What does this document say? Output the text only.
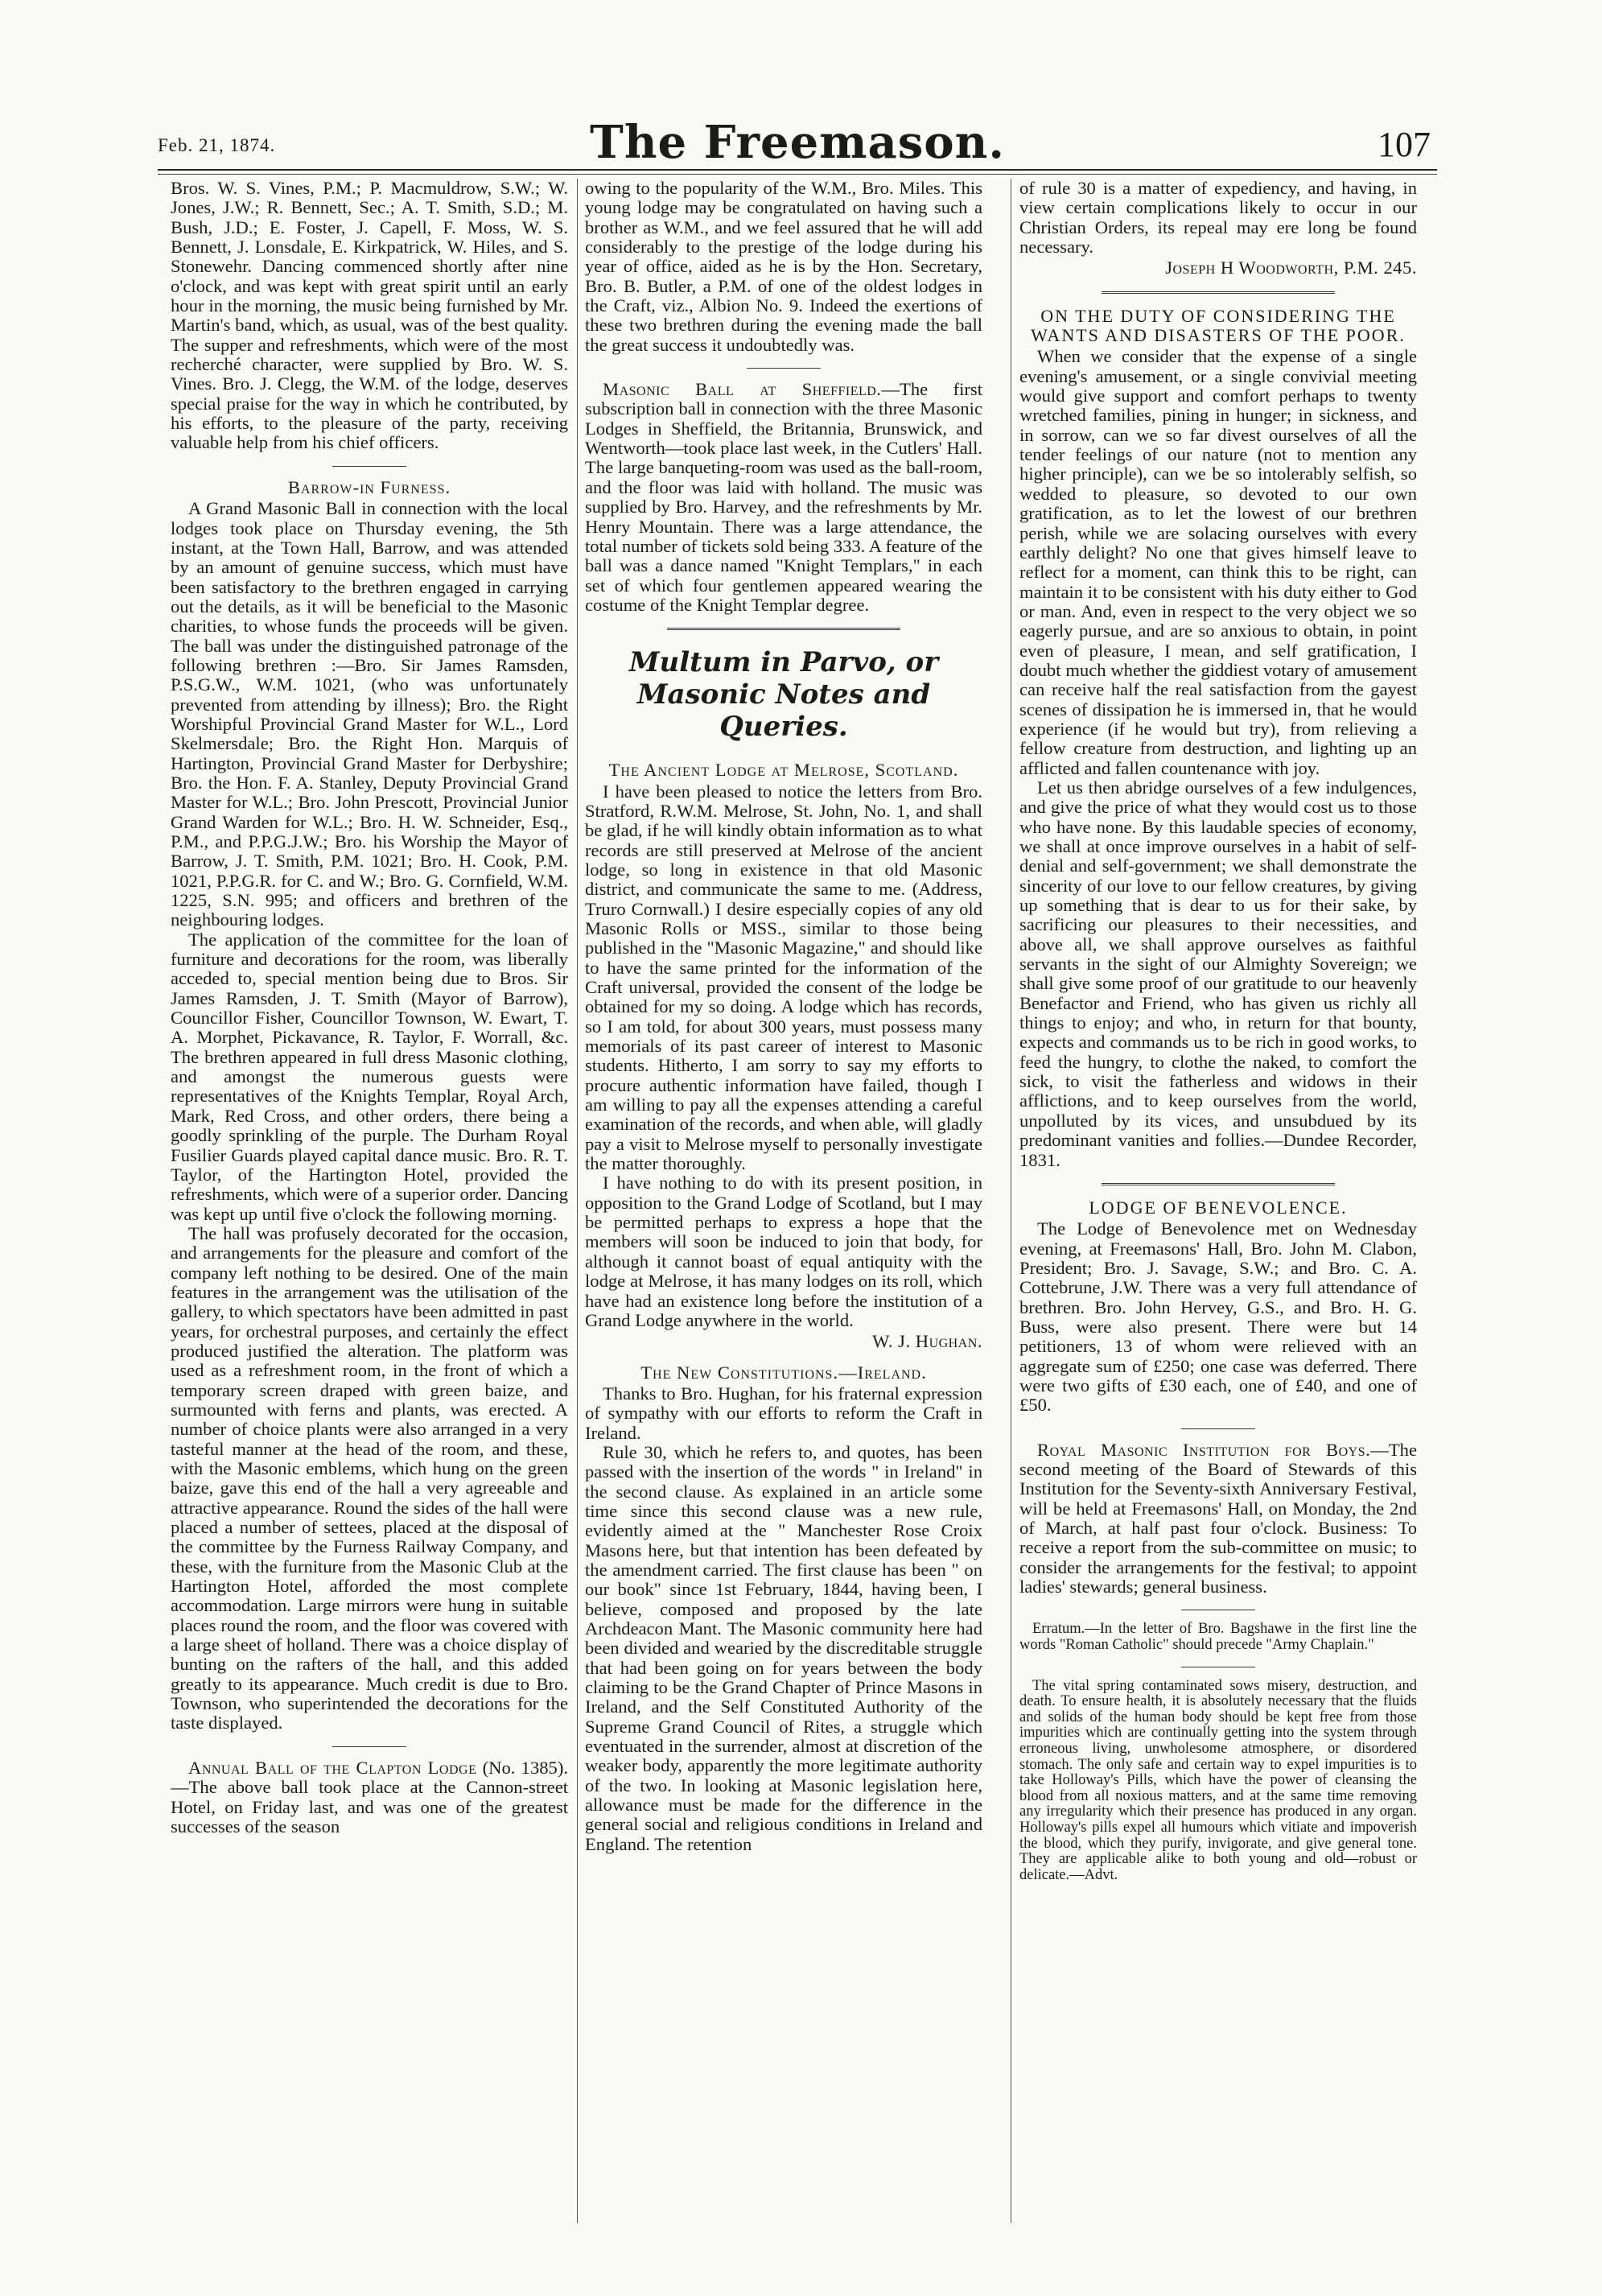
Feb. 21, 1874.	The Freemason.	107

Bros. W. S. Vines, P.M.; P. Macmuldrow, S.W.; W. Jones, J.W.; R. Bennett, Sec.; A. T. Smith, S.D.; M. Bush, J.D.; E. Foster, J. Capell, F. Moss, W. S. Bennett, J. Lonsdale, E. Kirkpatrick, W. Hiles, and S. Stonewehr. Dancing commenced shortly after nine o'clock, and was kept with great spirit until an early hour in the morning, the music being furnished by Mr. Martin's band, which, as usual, was of the best quality. The supper and refreshments, which were of the most recherché character, were supplied by Bro. W. S. Vines. Bro. J. Clegg, the W.M. of the lodge, deserves special praise for the way in which he contributed, by his efforts, to the pleasure of the party, receiving valuable help from his chief officers.

Barrow-in Furness.

A Grand Masonic Ball in connection with the local lodges took place on Thursday evening, the 5th instant, at the Town Hall, Barrow, and was attended by an amount of genuine success, which must have been satisfactory to the brethren engaged in carrying out the details, as it will be beneficial to the Masonic charities, to whose funds the proceeds will be given. The ball was under the distinguished patronage of the following brethren :—Bro. Sir James Ramsden, P.S.G.W., W.M. 1021, (who was unfortunately prevented from attending by illness); Bro. the Right Worshipful Provincial Grand Master for W.L., Lord Skelmersdale; Bro. the Right Hon. Marquis of Hartington, Provincial Grand Master for Derbyshire; Bro. the Hon. F. A. Stanley, Deputy Provincial Grand Master for W.L.; Bro. John Prescott, Provincial Junior Grand Warden for W.L.; Bro. H. W. Schneider, Esq., P.M., and P.P.G.J.W.; Bro. his Worship the Mayor of Barrow, J. T. Smith, P.M. 1021; Bro. H. Cook, P.M. 1021, P.P.G.R. for C. and W.; Bro. G. Cornfield, W.M. 1225, S.N. 995; and officers and brethren of the neighbouring lodges.

The application of the committee for the loan of furniture and decorations for the room, was liberally acceded to, special mention being due to Bros. Sir James Ramsden, J. T. Smith (Mayor of Barrow), Councillor Fisher, Councillor Townson, W. Ewart, T. A. Morphet, Pickavance, R. Taylor, F. Worrall, &c. The brethren appeared in full dress Masonic clothing, and amongst the numerous guests were representatives of the Knights Templar, Royal Arch, Mark, Red Cross, and other orders, there being a goodly sprinkling of the purple. The Durham Royal Fusilier Guards played capital dance music. Bro. R. T. Taylor, of the Hartington Hotel, provided the refreshments, which were of a superior order. Dancing was kept up until five o'clock the following morning.

The hall was profusely decorated for the occasion, and arrangements for the pleasure and comfort of the company left nothing to be desired. One of the main features in the arrangement was the utilisation of the gallery, to which spectators have been admitted in past years, for orchestral purposes, and certainly the effect produced justified the alteration. The platform was used as a refreshment room, in the front of which a temporary screen draped with green baize, and surmounted with ferns and plants, was erected. A number of choice plants were also arranged in a very tasteful manner at the head of the room, and these, with the Masonic emblems, which hung on the green baize, gave this end of the hall a very agreeable and attractive appearance. Round the sides of the hall were placed a number of settees, placed at the disposal of the committee by the Furness Railway Company, and these, with the furniture from the Masonic Club at the Hartington Hotel, afforded the most complete accommodation. Large mirrors were hung in suitable places round the room, and the floor was covered with a large sheet of holland. There was a choice display of bunting on the rafters of the hall, and this added greatly to its appearance. Much credit is due to Bro. Townson, who superintended the decorations for the taste displayed.

Annual Ball of the Clapton Lodge (No. 1385).—The above ball took place at the Cannon-street Hotel, on Friday last, and was one of the greatest successes of the season

owing to the popularity of the W.M., Bro. Miles. This young lodge may be congratulated on having such a brother as W.M., and we feel assured that he will add considerably to the prestige of the lodge during his year of office, aided as he is by the Hon. Secretary, Bro. B. Butler, a P.M. of one of the oldest lodges in the Craft, viz., Albion No. 9. Indeed the exertions of these two brethren during the evening made the ball the great success it undoubtedly was.

Masonic Ball at Sheffield.—The first subscription ball in connection with the three Masonic Lodges in Sheffield, the Britannia, Brunswick, and Wentworth—took place last week, in the Cutlers' Hall. The large banqueting-room was used as the ball-room, and the floor was laid with holland. The music was supplied by Bro. Harvey, and the refreshments by Mr. Henry Mountain. There was a large attendance, the total number of tickets sold being 333. A feature of the ball was a dance named "Knight Templars," in each set of which four gentlemen appeared wearing the costume of the Knight Templar degree.

Multum in Parvo, or Masonic Notes and Queries.
The Ancient Lodge at Melrose, Scotland.

I have been pleased to notice the letters from Bro. Stratford, R.W.M. Melrose, St. John, No. 1, and shall be glad, if he will kindly obtain information as to what records are still preserved at Melrose of the ancient lodge, so long in existence in that old Masonic district, and communicate the same to me. (Address, Truro Cornwall.) I desire especially copies of any old Masonic Rolls or MSS., similar to those being published in the "Masonic Magazine," and should like to have the same printed for the information of the Craft universal, provided the consent of the lodge be obtained for my so doing. A lodge which has records, so I am told, for about 300 years, must possess many memorials of its past career of interest to Masonic students. Hitherto, I am sorry to say my efforts to procure authentic information have failed, though I am willing to pay all the expenses attending a careful examination of the records, and when able, will gladly pay a visit to Melrose myself to personally investigate the matter thoroughly.

I have nothing to do with its present position, in opposition to the Grand Lodge of Scotland, but I may be permitted perhaps to express a hope that the members will soon be induced to join that body, for although it cannot boast of equal antiquity with the lodge at Melrose, it has many lodges on its roll, which have had an existence long before the institution of a Grand Lodge anywhere in the world.

W. J. Hughan.
The New Constitutions.—Ireland.

Thanks to Bro. Hughan, for his fraternal expression of sympathy with our efforts to reform the Craft in Ireland.

Rule 30, which he refers to, and quotes, has been passed with the insertion of the words " in Ireland" in the second clause. As explained in an article some time since this second clause was a new rule, evidently aimed at the " Manchester Rose Croix Masons here, but that intention has been defeated by the amendment carried. The first clause has been " on our book" since 1st February, 1844, having been, I believe, composed and proposed by the late Archdeacon Mant. The Masonic community here had been divided and wearied by the discreditable struggle that had been going on for years between the body claiming to be the Grand Chapter of Prince Masons in Ireland, and the Self Constituted Authority of the Supreme Grand Council of Rites, a struggle which eventuated in the surrender, almost at discretion of the weaker body, apparently the more legitimate authority of the two. In looking at Masonic legislation here, allowance must be made for the difference in the general social and religious conditions in Ireland and England. The retention

of rule 30 is a matter of expediency, and having, in view certain complications likely to occur in our Christian Orders, its repeal may ere long be found necessary.

Joseph H Woodworth, P.M. 245.
ON THE DUTY OF CONSIDERING THE WANTS AND DISASTERS OF THE POOR.

When we consider that the expense of a single evening's amusement, or a single convivial meeting would give support and comfort perhaps to twenty wretched families, pining in hunger; in sickness, and in sorrow, can we so far divest ourselves of all the tender feelings of our nature (not to mention any higher principle), can we be so intolerably selfish, so wedded to pleasure, so devoted to our own gratification, as to let the lowest of our brethren perish, while we are solacing ourselves with every earthly delight? No one that gives himself leave to reflect for a moment, can think this to be right, can maintain it to be consistent with his duty either to God or man. And, even in respect to the very object we so eagerly pursue, and are so anxious to obtain, in point even of pleasure, I mean, and self gratification, I doubt much whether the giddiest votary of amusement can receive half the real satisfaction from the gayest scenes of dissipation he is immersed in, that he would experience (if he would but try), from relieving a fellow creature from destruction, and lighting up an afflicted and fallen countenance with joy.

Let us then abridge ourselves of a few indulgences, and give the price of what they would cost us to those who have none. By this laudable species of economy, we shall at once improve ourselves in a habit of self-denial and self-government; we shall demonstrate the sincerity of our love to our fellow creatures, by giving up something that is dear to us for their sake, by sacrificing our pleasures to their necessities, and above all, we shall approve ourselves as faithful servants in the sight of our Almighty Sovereign; we shall give some proof of our gratitude to our heavenly Benefactor and Friend, who has given us richly all things to enjoy; and who, in return for that bounty, expects and commands us to be rich in good works, to feed the hungry, to clothe the naked, to comfort the sick, to visit the fatherless and widows in their afflictions, and to keep ourselves from the world, unpolluted by its vices, and unsubdued by its predominant vanities and follies.—Dundee Recorder, 1831.

LODGE OF BENEVOLENCE.

The Lodge of Benevolence met on Wednesday evening, at Freemasons' Hall, Bro. John M. Clabon, President; Bro. J. Savage, S.W.; and Bro. C. A. Cottebrune, J.W. There was a very full attendance of brethren. Bro. John Hervey, G.S., and Bro. H. G. Buss, were also present. There were but 14 petitioners, 13 of whom were relieved with an aggregate sum of £250; one case was deferred. There were two gifts of £30 each, one of £40, and one of £50.

Royal Masonic Institution for Boys.—The second meeting of the Board of Stewards of this Institution for the Seventy-sixth Anniversary Festival, will be held at Freemasons' Hall, on Monday, the 2nd of March, at half past four o'clock. Business: To receive a report from the sub-committee on music; to consider the arrangements for the festival; to appoint ladies' stewards; general business.

Erratum.—In the letter of Bro. Bagshawe in the first line the words "Roman Catholic" should precede "Army Chaplain."

The vital spring contaminated sows misery, destruction, and death. To ensure health, it is absolutely necessary that the fluids and solids of the human body should be kept free from those impurities which are continually getting into the system through erroneous living, unwholesome atmosphere, or disordered stomach. The only safe and certain way to expel impurities is to take Holloway's Pills, which have the power of cleansing the blood from all noxious matters, and at the same time removing any irregularity which their presence has produced in any organ. Holloway's pills expel all humours which vitiate and impoverish the blood, which they purify, invigorate, and give general tone. They are applicable alike to both young and old—robust or delicate.—Advt.
